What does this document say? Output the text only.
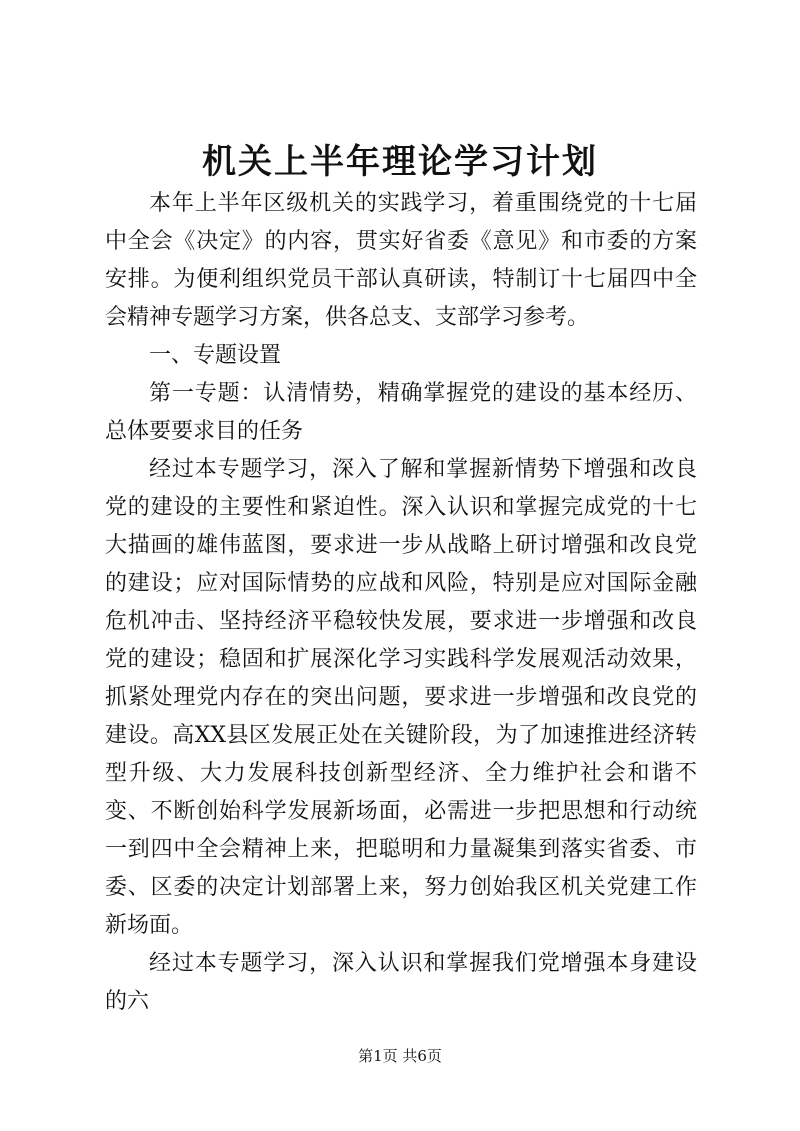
机关上半年理论学习计划

本年上半年区级机关的实践学习，着重围绕党的十七届中全会《决定》的内容，贯实好省委《意见》和市委的方案安排。为便利组织党员干部认真研读，特制订十七届四中全会精神专题学习方案，供各总支、支部学习参考。

一、专题设置

第一专题：认清情势，精确掌握党的建设的基本经历、总体要要求目的任务

经过本专题学习，深入了解和掌握新情势下增强和改良党的建设的主要性和紧迫性。深入认识和掌握完成党的十七大描画的雄伟蓝图，要求进一步从战略上研讨增强和改良党的建设；应对国际情势的应战和风险，特别是应对国际金融危机冲击、坚持经济平稳较快发展，要求进一步增强和改良党的建设；稳固和扩展深化学习实践科学发展观活动效果，抓紧处理党内存在的突出问题，要求进一步增强和改良党的建设。高XX县区发展正处在关键阶段，为了加速推进经济转型升级、大力发展科技创新型经济、全力维护社会和谐不变、不断创始科学发展新场面，必需进一步把思想和行动统一到四中全会精神上来，把聪明和力量凝集到落实省委、市委、区委的决定计划部署上来，努力创始我区机关党建工作新场面。

经过本专题学习，深入认识和掌握我们党增强本身建设的六

第1页 共6页
